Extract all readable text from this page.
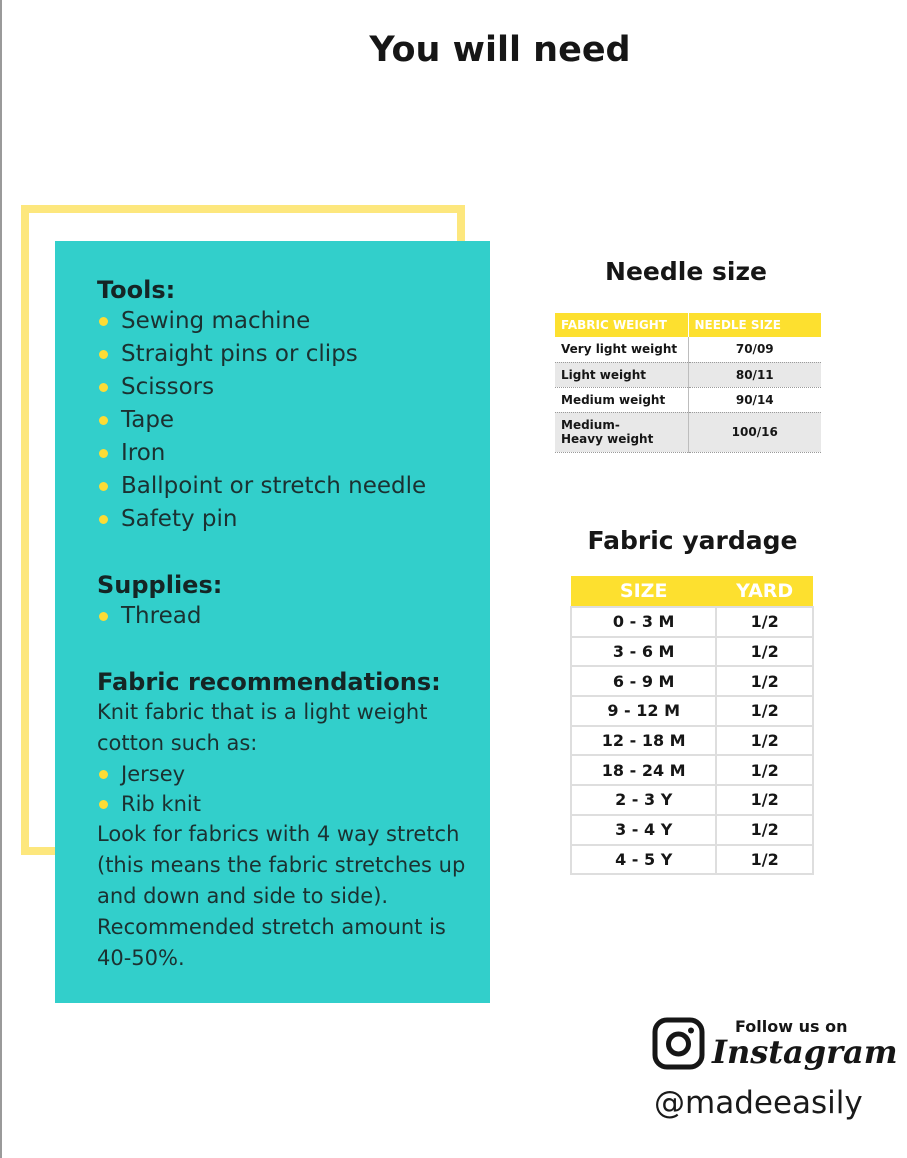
You will need
Tools:
Sewing machine
Straight pins or clips
Scissors
Tape
Iron
Ballpoint or stretch needle
Safety pin
Supplies:
Thread
Fabric recommendations:
Knit fabric that is a light weight cotton such as:
Jersey
Rib knit
Look for fabrics with 4 way stretch (this means the fabric stretches up and down and side to side). Recommended stretch amount is 40-50%.
Needle size
FABRIC WEIGHT	NEEDLE SIZE
Very light weight	70/09
Light weight	80/11
Medium weight	90/14
Medium-
Heavy weight	100/16
Fabric yardage
SIZE	YARD
0 - 3 M	1/2
3 - 6 M	1/2
6 - 9 M	1/2
9 - 12 M	1/2
12 - 18 M	1/2
18 - 24 M	1/2
2 - 3 Y	1/2
3 - 4 Y	1/2
4 - 5 Y	1/2
Follow us on
Instagram
@madeeasily
